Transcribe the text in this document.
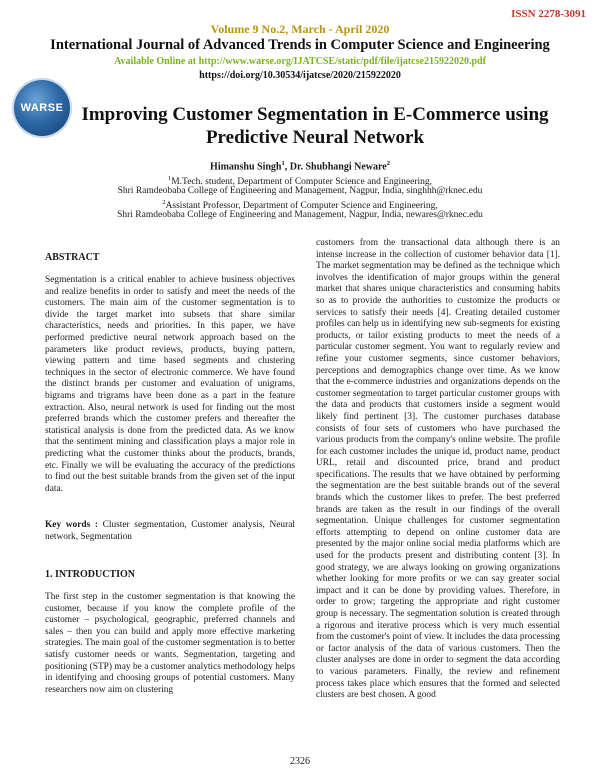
ISSN 2278-3091
Volume 9 No.2, March - April 2020
International Journal of Advanced Trends in Computer Science and Engineering
Available Online at http://www.warse.org/IJATCSE/static/pdf/file/ijatcse215922020.pdf
https://doi.org/10.30534/ijatcse/2020/215922020
WARSE Improving Customer Segmentation in E-Commerce using
Predictive Neural Network
Himanshu Singh$^1$, Dr. Shubhangi Neware$^2$
$^1$M.Tech. student, Department of Computer Science and Engineering,
Shri Ramdeobaba College of Engineering and Management, Nagpur, India, singhhh@rknec.edu
$^2$Assistant Professor, Department of Computer Science and Engineering,
Shri Ramdeobaba College of Engineering and Management, Nagpur, India, newares@rknec.edu
ABSTRACT
Segmentation is a critical enabler to achieve business objectives and realize benefits in order to satisfy and meet the needs of the customers. The main aim of the customer segmentation is to divide the target market into subsets that share similar characteristics, needs and priorities. In this paper, we have performed predictive neural network approach based on the parameters like product reviews, products, buying pattern, viewing pattern and time based segments and clustering techniques in the sector of electronic commerce. We have found the distinct brands per customer and evaluation of unigrams, bigrams and trigrams have been done as a part in the feature extraction. Also, neural network is used for finding out the most preferred brands which the customer prefers and thereafter the statistical analysis is done from the predicted data. As we know that the sentiment mining and classification plays a major role in predicting what the customer thinks about the products, brands, etc. Finally we will be evaluating the accuracy of the predictions to find out the best suitable brands from the given set of the input data.
Key words : Cluster segmentation, Customer analysis, Neural network, Segmentation
1. INTRODUCTION
The first step in the customer segmentation is that knowing the customer, because if you know the complete profile of the customer – psychological, geographic, preferred channels and sales – then you can build and apply more effective marketing strategies. The main goal of the customer segmentation is to better satisfy customer needs or wants. Segmentation, targeting and positioning (STP) may be a customer analytics methodology helps in identifying and choosing groups of potential customers. Many researchers now aim on clustering
customers from the transactional data although there is an intense increase in the collection of customer behavior data [1]. The market segmentation may be defined as the technique which involves the identification of major groups within the general market that shares unique characteristics and consuming habits so as to provide the authorities to customize the products or services to satisfy their needs [4]. Creating detailed customer profiles can help us in identifying new sub-segments for existing products, or tailor existing products to meet the needs of a particular customer segment. You want to regularly review and refine your customer segments, since customer behaviors, perceptions and demographics change over time. As we know that the e-commerce industries and organizations depends on the customer segmentation to target particular customer groups with the data and products that customers inside a segment would likely find pertinent [3]. The customer purchases database consists of four sets of customers who have purchased the various products from the company's online website. The profile for each customer includes the unique id, product name, product URL, retail and discounted price, brand and product specifications. The results that we have obtained by performing the segmentation are the best suitable brands out of the several brands which the customer likes to prefer. The best preferred brands are taken as the result in our findings of the overall segmentation. Unique challenges for customer segmentation efforts attempting to depend on online customer data are presented by the major online social media platforms which are used for the products present and distributing content [3]. In good strategy, we are always looking on growing organizations whether looking for more profits or we can say greater social impact and it can be done by providing values. Therefore, in order to grow; targeting the appropriate and right customer group is necessary. The segmentation solution is created through a rigorous and iterative process which is very much essential from the customer's point of view. It includes the data processing or factor analysis of the data of various customers. Then the cluster analyses are done in order to segment the data according to various parameters. Finally, the review and refinement process takes place which ensures that the formed and selected clusters are best chosen. A good
2326
